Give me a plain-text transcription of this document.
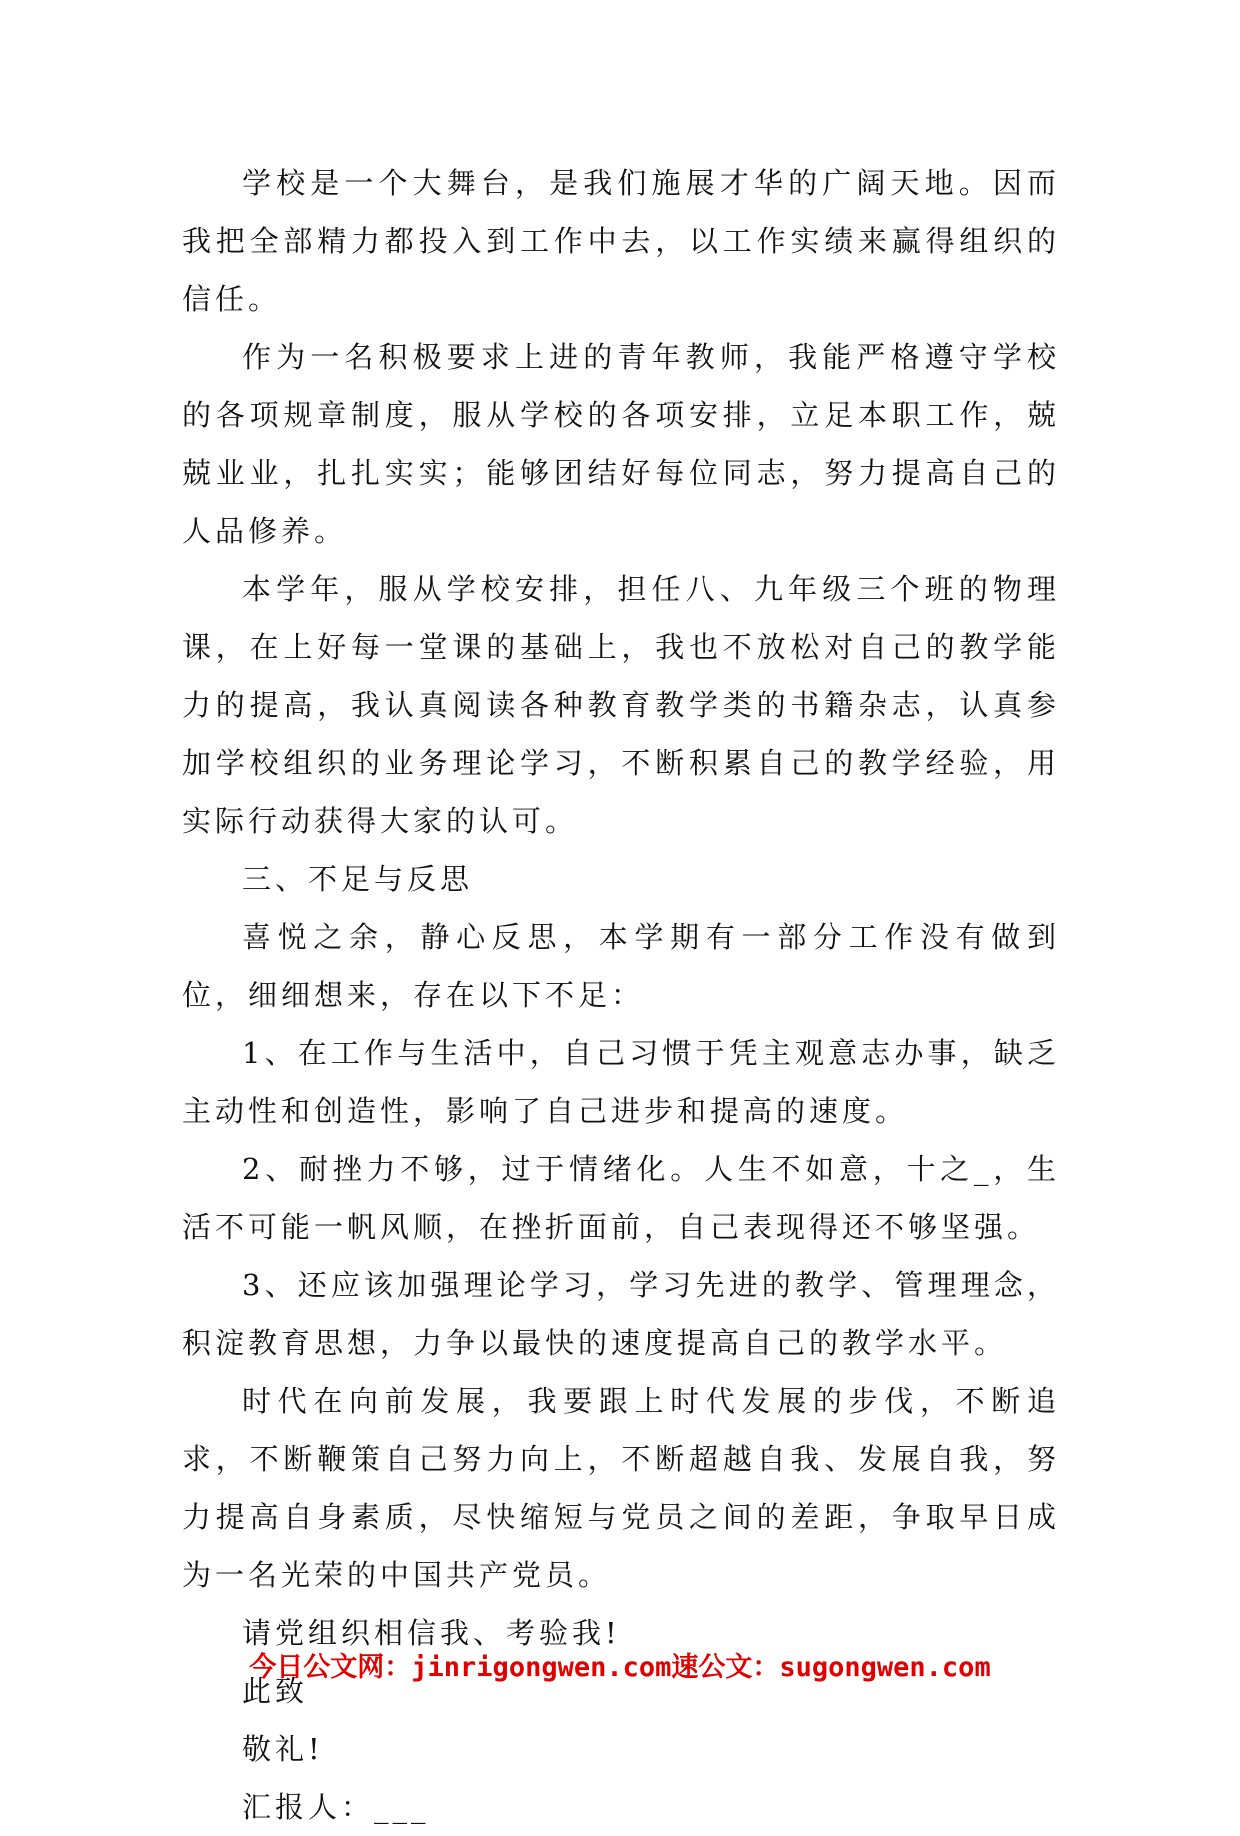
学校是一个大舞台，是我们施展才华的广阔天地。因而我把全部精力都投入到工作中去，以工作实绩来赢得组织的信任。

作为一名积极要求上进的青年教师，我能严格遵守学校的各项规章制度，服从学校的各项安排，立足本职工作，兢兢业业，扎扎实实；能够团结好每位同志，努力提高自己的人品修养。

本学年，服从学校安排，担任八、九年级三个班的物理课，在上好每一堂课的基础上，我也不放松对自己的教学能力的提高，我认真阅读各种教育教学类的书籍杂志，认真参加学校组织的业务理论学习，不断积累自己的教学经验，用实际行动获得大家的认可。

三、不足与反思

喜悦之余，静心反思，本学期有一部分工作没有做到位，细细想来，存在以下不足：

1、在工作与生活中，自己习惯于凭主观意志办事，缺乏主动性和创造性，影响了自己进步和提高的速度。

2、耐挫力不够，过于情绪化。人生不如意，十之_，生活不可能一帆风顺，在挫折面前，自己表现得还不够坚强。

3、还应该加强理论学习，学习先进的教学、管理理念，积淀教育思想，力争以最快的速度提高自己的教学水平。

时代在向前发展，我要跟上时代发展的步伐，不断追求，不断鞭策自己努力向上，不断超越自我、发展自我，努力提高自身素质，尽快缩短与党员之间的差距，争取早日成为一名光荣的中国共产党员。

请党组织相信我、考验我!

此致

敬礼!

汇报人：___

今日公文网：jinrigongwen.com速公文：sugongwen.com
